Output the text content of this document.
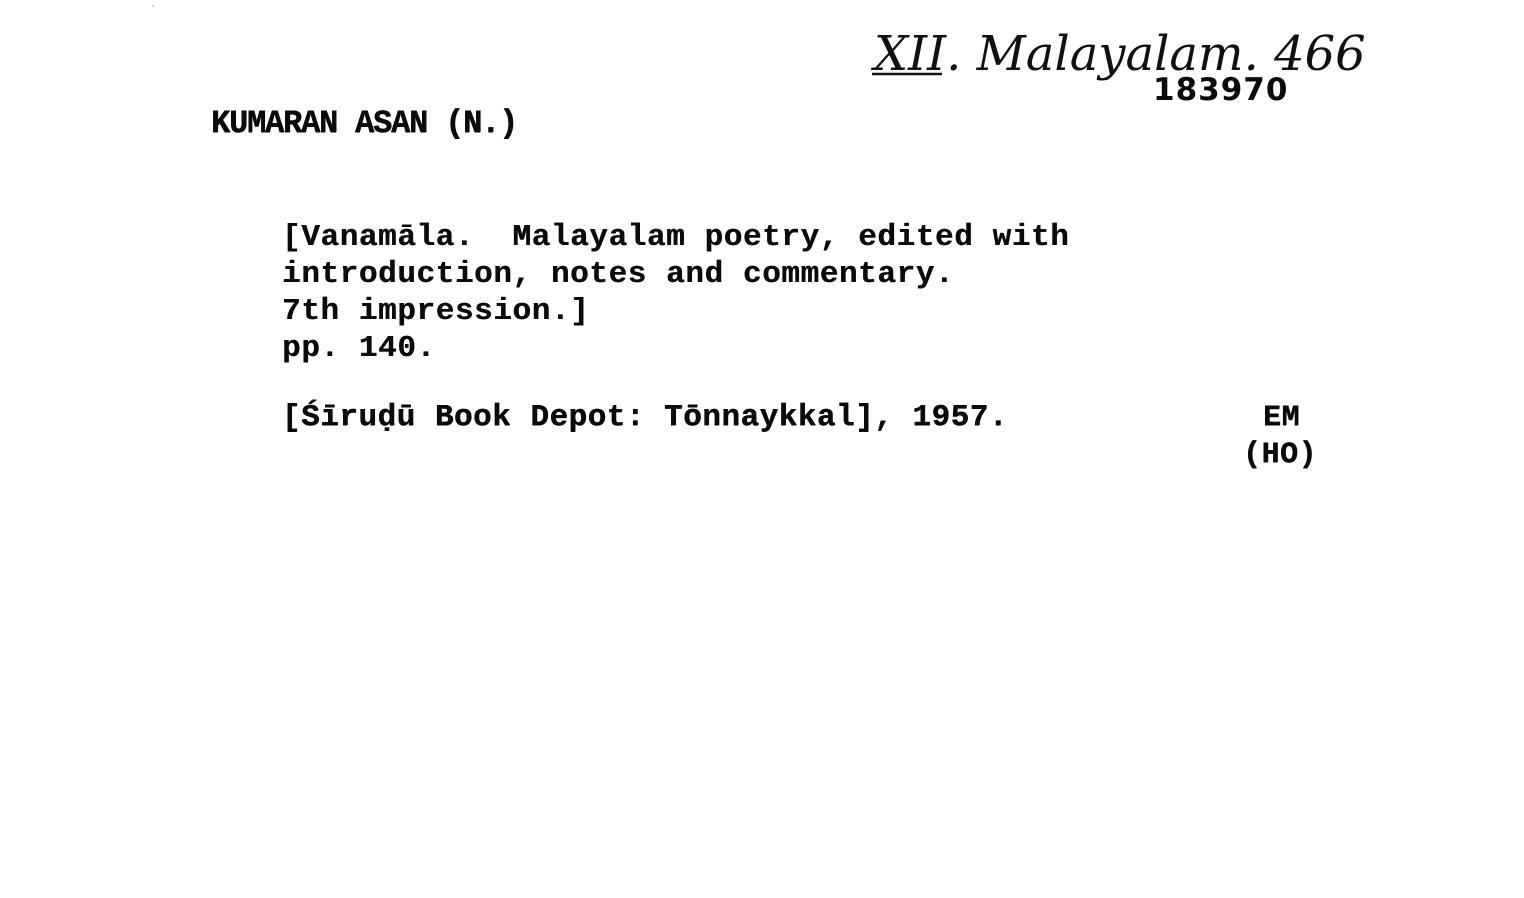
XII. Malayalam. 466
183970
KUMARAN ASAN (N.)
[Vanamāla.  Malayalam poetry, edited with
introduction, notes and commentary.
7th impression.]
pp. 140.
[Śīruḍū Book Depot: Tōnnaykkal], 1957.	EM
(HO)
